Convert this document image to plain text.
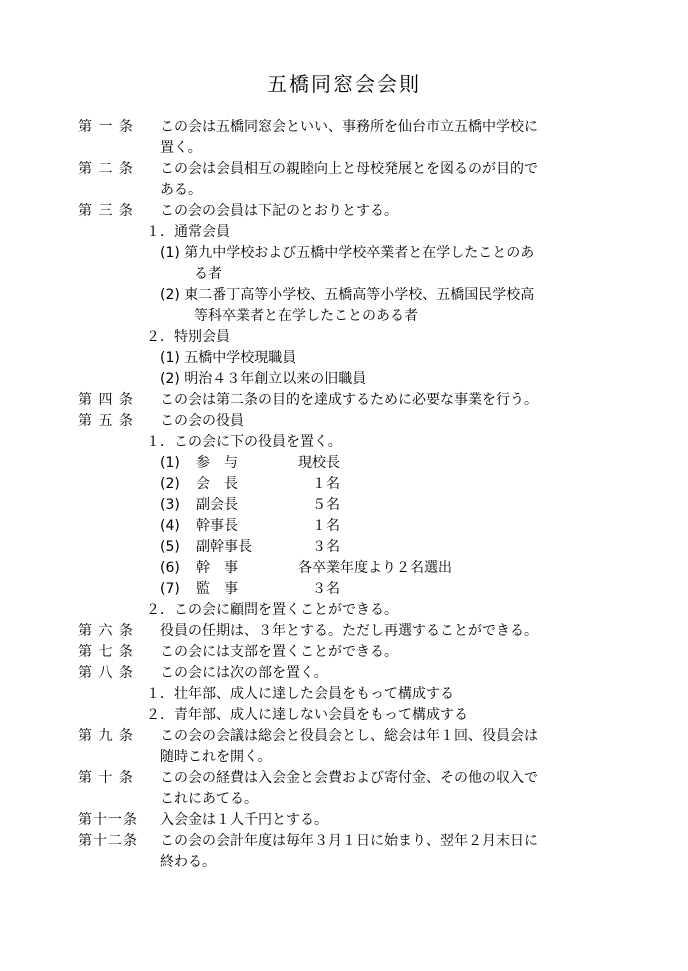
五橋同窓会会則
第 一 条	この会は五橋同窓会といい、事務所を仙台市立五橋中学校に
置く。
第 二 条	この会は会員相互の親睦向上と母校発展とを図るのが目的で
ある。
第 三 条	この会の会員は下記のとおりとする。
１．通常会員
(1) 第九中学校および五橋中学校卒業者と在学したことのあ
る者
(2) 東二番丁高等小学校、五橋高等小学校、五橋国民学校高
等科卒業者と在学したことのある者
２．特別会員
(1) 五橋中学校現職員
(2) 明治４３年創立以来の旧職員
第 四 条	この会は第二条の目的を達成するために必要な事業を行う。
第 五 条	この会の役員
１．この会に下の役員を置く。
(1) 参　与	現校長
(2) 会　長	　１名
(3) 副会長	　５名
(4) 幹事長	　１名
(5) 副幹事長	　３名
(6) 幹　事	各卒業年度より２名選出
(7) 監　事	　３名
２．この会に顧問を置くことができる。
第 六 条	役員の任期は、３年とする。ただし再選することができる。
第 七 条	この会には支部を置くことができる。
第 八 条	この会には次の部を置く。
１．壮年部、成人に達した会員をもって構成する
２．青年部、成人に達しない会員をもって構成する
第 九 条	この会の会議は総会と役員会とし、総会は年１回、役員会は
随時これを開く。
第 十 条	この会の経費は入会金と会費および寄付金、その他の収入で
これにあてる。
第十一条	入会金は１人千円とする。
第十二条	この会の会計年度は毎年３月１日に始まり、翌年２月末日に
終わる。
